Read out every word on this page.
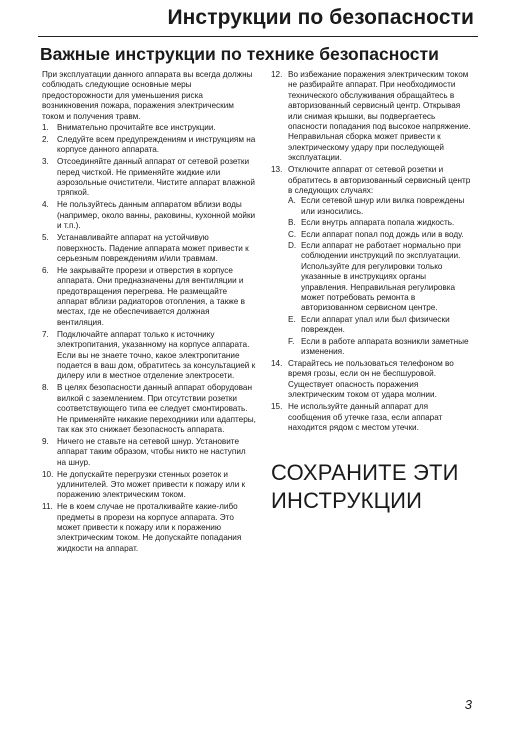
Инструкции по безопасности
Важные инструкции по технике безопасности

При эксплуатации данного аппарата вы всегда должны соблюдать следующие основные меры предосторожности для уменьшения риска возникновения пожара, поражения электрическим током и получения травм.

1. Внимательно прочитайте все инструкции.
2. Следуйте всем предупреждениям и инструкциям на корпусе данного аппарата.
3. Отсоединяйте данный аппарат от сетевой розетки перед чисткой. Не применяйте жидкие или аэрозольные очистители. Чистите аппарат влажной тряпкой.
4. Не пользуйтесь данным аппаратом вблизи воды (например, около ванны, раковины, кухонной мойки и т.п.).
5. Устанавливайте аппарат на устойчивую поверхность. Падение аппарата может привести к серьезным повреждениям и/или травмам.
6. Не закрывайте прорези и отверстия в корпусе аппарата. Они предназначены для вентиляции и предотвращения перегрева. Не размещайте аппарат вблизи радиаторов отопления, а также в местах, где не обеспечивается должная вентиляция.
7. Подключайте аппарат только к источнику электропитания, указанному на корпусе аппарата. Если вы не знаете точно, какое электропитание подается в ваш дом, обратитесь за консультацией к дилеру или в местное отделение электросети.
8. В целях безопасности данный аппарат оборудован вилкой с заземлением. При отсутствии розетки соответствующего типа ее следует смонтировать. Не применяйте никакие переходники или адаптеры, так как это снижает безопасность аппарата.
9. Ничего не ставьте на сетевой шнур. Установите аппарат таким образом, чтобы никто не наступил на шнур.
10. Не допускайте перегрузки стенных розеток и удлинителей. Это может привести к пожару или к поражению электрическим током.
11. Не в коем случае не проталкивайте какие-либо предметы в прорези на корпусе аппарата. Это может привести к пожару или к поражению электрическим током. Не допускайте попадания жидкости на аппарат.
12. Во избежание поражения электрическим током не разбирайте аппарат. При необходимости технического обслуживания обращайтесь в авторизованный сервисный центр. Открывая или снимая крышки, вы подвергаетесь опасности попадания под высокое напряжение. Неправильная сборка может привести к электрическому удару при последующей эксплуатации.
13. Отключите аппарат от сетевой розетки и обратитесь в авторизованный сервисный центр в следующих случаях:
A. Если сетевой шнур или вилка повреждены или износились.
B. Если внутрь аппарата попала жидкость.
C. Если аппарат попал под дождь или в воду.
D. Если аппарат не работает нормально при соблюдении инструкций по эксплуатации. Используйте для регулировки только указанные в инструкциях органы управления. Неправильная регулировка может потребовать ремонта в авторизованном сервисном центре.
E. Если аппарат упал или был физически поврежден.
F. Если в работе аппарата возникли заметные изменения.
14. Старайтесь не пользоваться телефоном во время грозы, если он не беспшуровой. Существует опасность поражения электрическим током от удара молнии.
15. Не используйте данный аппарат для сообщения об утечке газа, если аппарат находится рядом с местом утечки.
СОХРАНИТЕ ЭТИ
ИНСТРУКЦИИ
3
